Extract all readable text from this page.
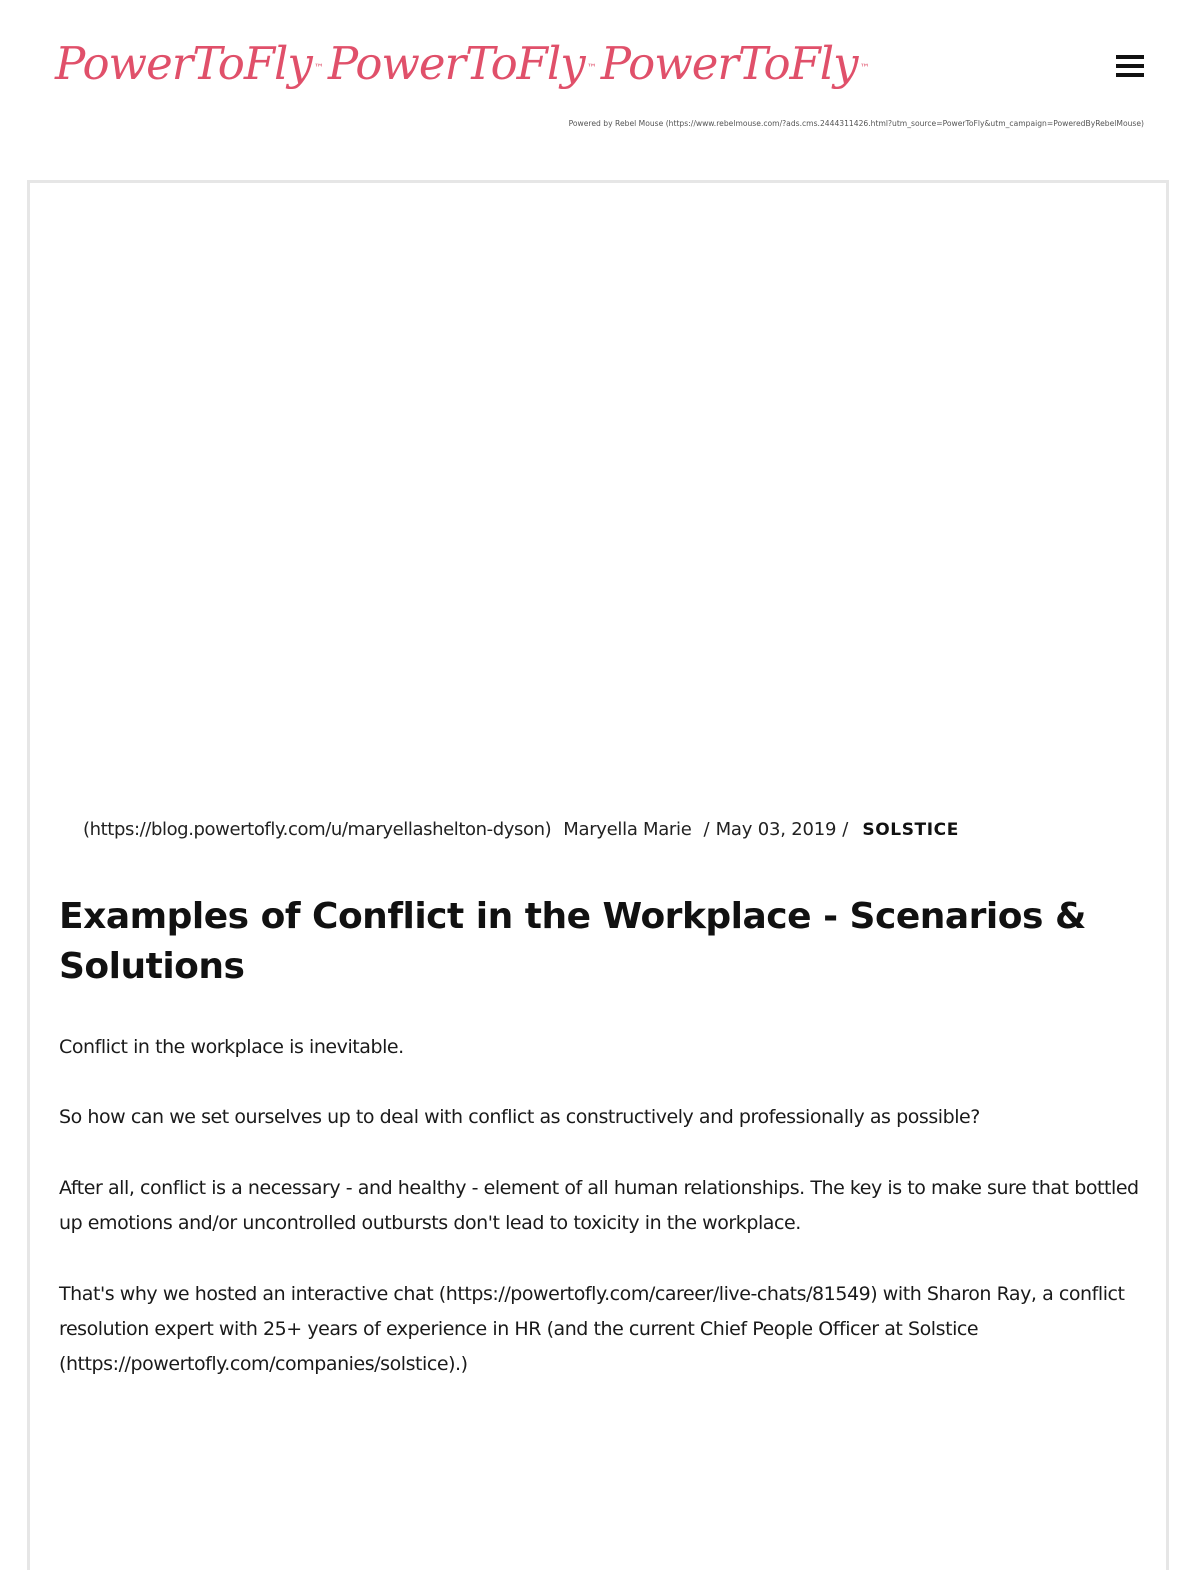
PowerToFly ™ PowerToFly ™ PowerToFly ™
Powered by Rebel Mouse (https://www.rebelmouse.com/?ads.cms.2444311426.html?utm_source=PowerToFly&utm_campaign=PoweredByRebelMouse)
(https://blog.powertofly.com/u/maryellashelton-dyson) Maryella Marie / May 03, 2019 / SOLSTICE
Examples of Conflict in the Workplace - Scenarios & Solutions

Conflict in the workplace is inevitable.

So how can we set ourselves up to deal with conflict as constructively and professionally as possible?

After all, conflict is a necessary - and healthy - element of all human relationships. The key is to make sure that bottled up emotions and/or uncontrolled outbursts don't lead to toxicity in the workplace.

That's why we hosted an interactive chat (https://powertofly.com/career/live-chats/81549) with Sharon Ray, a conflict resolution expert with 25+ years of experience in HR (and the current Chief People Officer at Solstice (https://powertofly.com/companies/solstice).)
